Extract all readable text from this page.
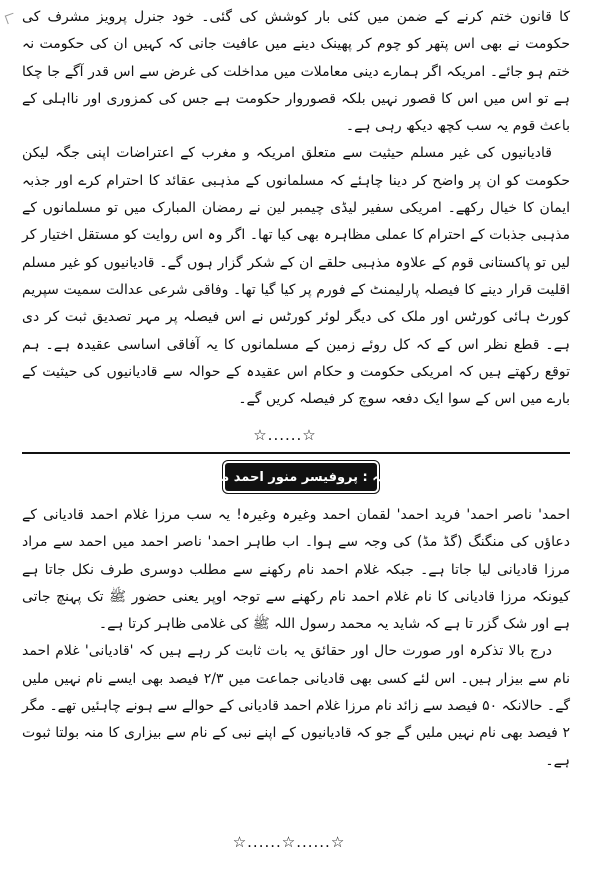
کا قانون ختم کرنے کے ضمن میں کئی بار کوشش کی گئی۔ خود جنرل پرویز مشرف کی حکومت نے بھی اس پتھر کو چوم کر پھینک دینے میں عافیت جانی کہ کہیں ان کی حکومت نہ ختم ہو جائے۔ امریکہ اگر ہمارے دینی معاملات میں مداخلت کی غرض سے اس قدر آگے جا چکا ہے تو اس میں اس کا قصور نہیں بلکہ قصوروار حکومت ہے جس کی کمزوری اور نااہلی کے باعث قوم یہ سب کچھ دیکھ رہی ہے۔

قادیانیوں کی غیر مسلم حیثیت سے متعلق امریکہ و مغرب کے اعتراضات اپنی جگہ لیکن حکومت کو ان پر واضح کر دینا چاہئے کہ مسلمانوں کے مذہبی عقائد کا احترام کرے اور جذبہ ایمان کا خیال رکھے۔ امریکی سفیر لیڈی چیمبر لین نے رمضان المبارک میں تو مسلمانوں کے مذہبی جذبات کے احترام کا عملی مظاہرہ بھی کیا تھا۔ اگر وہ اس روایت کو مستقل اختیار کر لیں تو پاکستانی قوم کے علاوہ مذہبی حلقے ان کے شکر گزار ہوں گے۔ قادیانیوں کو غیر مسلم اقلیت قرار دینے کا فیصلہ پارلیمنٹ کے فورم پر کیا گیا تھا۔ وفاقی شرعی عدالت سمیت سپریم کورٹ ہائی کورٹس اور ملک کی دیگر لوئر کورٹس نے اس فیصلہ پر مہر تصدیق ثبت کر دی ہے۔ قطع نظر اس کے کہ کل روئے زمین کے مسلمانوں کا یہ آفاقی اساسی عقیدہ ہے۔ ہم توقع رکھتے ہیں کہ امریکی حکومت و حکام اس عقیدہ کے حوالہ سے قادیانیوں کی حیثیت کے بارے میں اس کے سوا ایک دفعہ سوچ کر فیصلہ کریں گے۔

☆......☆
بقیہ : پروفیسر منور احمد ملک

احمد' ناصر احمد' فرید احمد' لقمان احمد وغیرہ وغیرہ! یہ سب مرزا غلام احمد قادیانی کے دعاؤں کی منگنگ (گڈ مڈ) کی وجہ سے ہوا۔ اب طاہر احمد' ناصر احمد میں احمد سے مراد مرزا قادیانی لیا جاتا ہے۔ جبکہ غلام احمد نام رکھنے سے مطلب دوسری طرف نکل جاتا ہے کیونکہ مرزا قادیانی کا نام غلام احمد نام رکھنے سے توجہ اوپر یعنی حضور ﷺ تک پہنچ جاتی ہے اور شک گزر تا ہے کہ شاید یہ محمد رسول اللہ ﷺ کی غلامی ظاہر کرتا ہے۔

درج بالا تذکرہ اور صورت حال اور حقائق یہ بات ثابت کر رہے ہیں کہ 'قادیانی' غلام احمد نام سے بیزار ہیں۔ اس لئے کسی بھی قادیانی جماعت میں ۲/۳ فیصد بھی ایسے نام نہیں ملیں گے۔ حالانکہ ۵۰ فیصد سے زائد نام مرزا غلام احمد قادیانی کے حوالے سے ہونے چاہئیں تھے۔ مگر ۲ فیصد بھی نام نہیں ملیں گے جو کہ قادیانیوں کے اپنے نبی کے نام سے بیزاری کا منہ بولتا ثبوت ہے۔

☆......☆......☆
